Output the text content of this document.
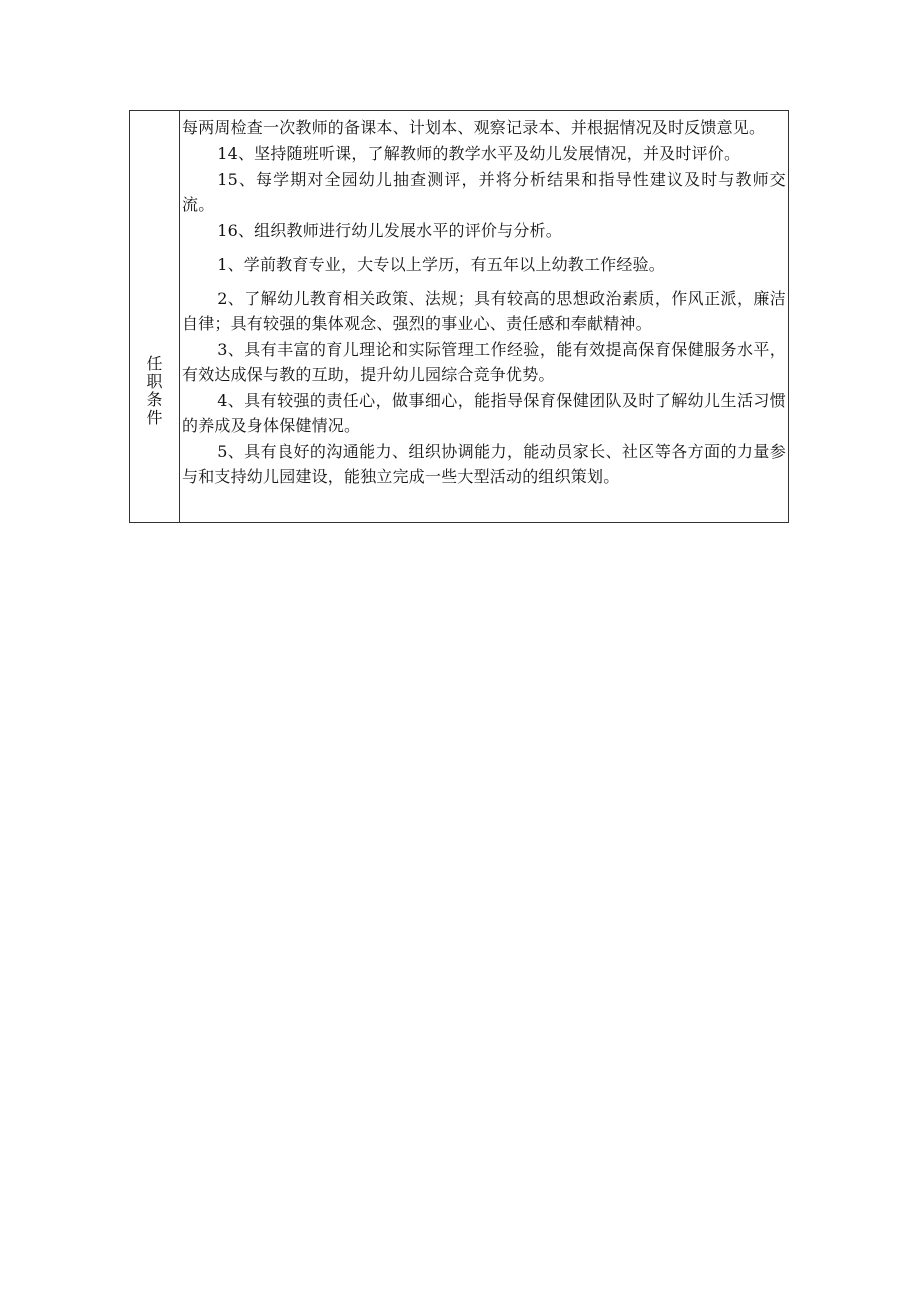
任职条件

每两周检查一次教师的备课本、计划本、观察记录本、并根据情况及时反馈意见。

14、坚持随班听课，了解教师的教学水平及幼儿发展情况，并及时评价。

15、每学期对全园幼儿抽查测评，并将分析结果和指导性建议及时与教师交流。

16、组织教师进行幼儿发展水平的评价与分析。

1、学前教育专业，大专以上学历，有五年以上幼教工作经验。

2、了解幼儿教育相关政策、法规；具有较高的思想政治素质，作风正派，廉洁自律；具有较强的集体观念、强烈的事业心、责任感和奉献精神。

3、具有丰富的育儿理论和实际管理工作经验，能有效提高保育保健服务水平，有效达成保与教的互助，提升幼儿园综合竞争优势。

4、具有较强的责任心，做事细心，能指导保育保健团队及时了解幼儿生活习惯的养成及身体保健情况。

5、具有良好的沟通能力、组织协调能力，能动员家长、社区等各方面的力量参与和支持幼儿园建设，能独立完成一些大型活动的组织策划。
